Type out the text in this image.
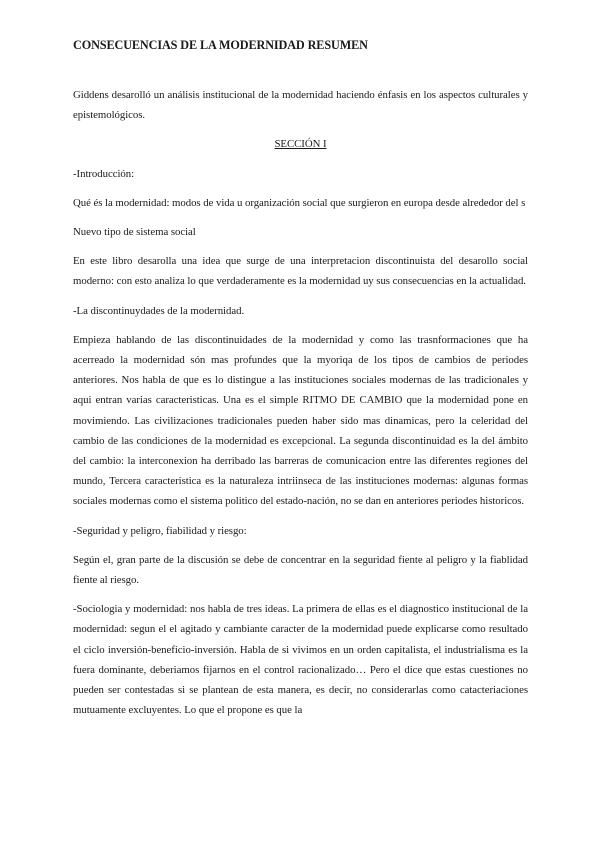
CONSECUENCIAS DE LA MODERNIDAD RESUMEN

Giddens desarolló un análisis institucional de la modernidad haciendo énfasis en los aspectos culturales y epistemológicos.

SECCIÓN I

-Introducción:

Qué és la modernidad: modos de vida u organización social que surgieron en europa desde alrededor del s

Nuevo tipo de sistema social

En este libro desarolla una idea que surge de una interpretacion discontinuista del desarollo social moderno: con esto analiza lo que verdaderamente es la modernidad uy sus consecuencias en la actualidad.

-La discontinuydades de la modernidad.

Empieza hablando de las discontinuidades de la modernidad y como las trasnformaciones que ha acerreado la modernidad són mas profundes que la myoriqa de los tipos de cambios de periodes anteriores. Nos habla de que es lo distingue a las instituciones sociales modernas de las tradicionales y aqui entran varias caracteristicas. Una es el simple RITMO DE CAMBIO que la modernidad pone en movimiendo. Las civilizaciones tradicionales pueden haber sido mas dinamicas, pero la celeridad del cambio de las condiciones de la modernidad es excepcional. La segunda discontinuidad es la del ámbito del cambio: la interconexion ha derribado las barreras de comunicacion entre las diferentes regiones del mundo, Tercera caracteristica es la naturaleza intriinseca de las instituciones modernas: algunas formas sociales modernas como el sistema politico del estado-nación, no se dan en anteriores periodes historicos.

-Seguridad y peligro, fiabilidad y riesgo:

Según el, gran parte de la discusión se debe de concentrar en la seguridad fiente al peligro y la fiablidad fiente al riesgo.

-Sociologia y modernidad: nos habla de tres ideas. La primera de ellas es el diagnostico institucional de la modernidad: segun el el agitado y cambiante caracter de la modernidad puede explicarse como resultado el ciclo inversión-beneficio-inversión. Habla de si vivimos en un orden capitalista, el industrialisma es la fuera dominante, deberiamos fijarnos en el control racionalizado… Pero el dice que estas cuestiones no pueden ser contestadas si se plantean de esta manera, es decir, no considerarlas como catacteriaciones mutuamente excluyentes. Lo que el propone es que la
